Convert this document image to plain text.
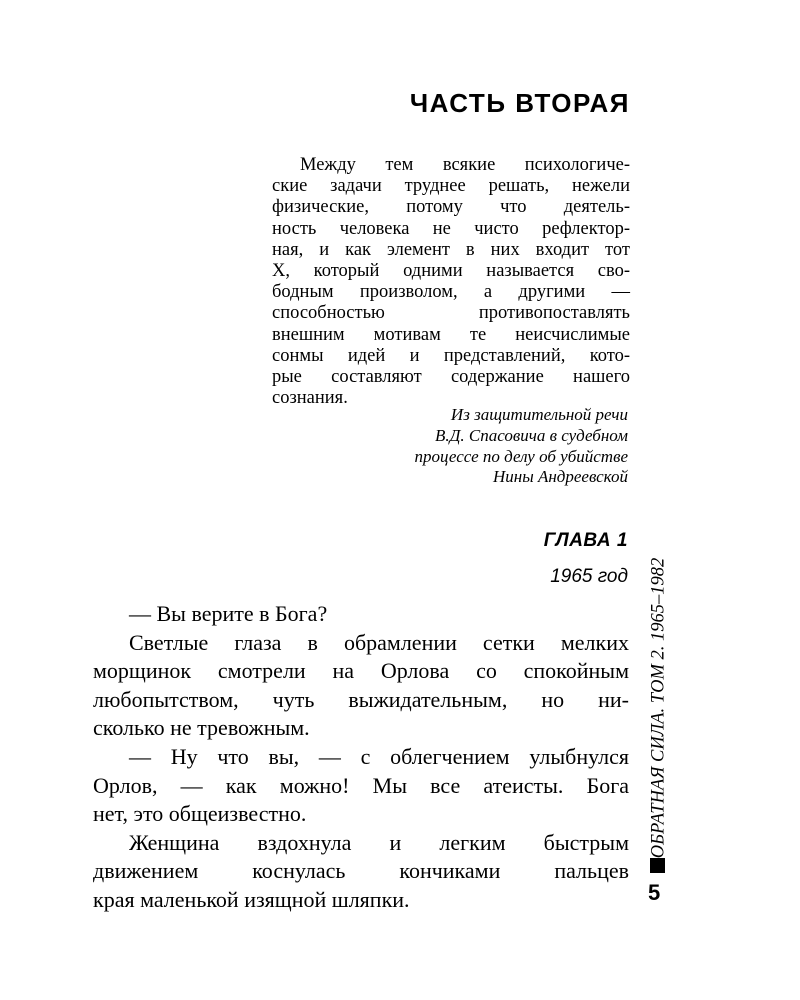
ЧАСТЬ ВТОРАЯ
Между тем всякие психологиче-
ские задачи труднее решать, нежели
физические, потому что деятель-
ность человека не чисто рефлектор-
ная, и как элемент в них входит тот
X, который одними называется сво-
бодным произволом, а другими —
способностью противопоставлять
внешним мотивам те неисчислимые
сонмы идей и представлений, кото-
рые составляют содержание нашего
сознания.
Из защитительной речи
В.Д. Спасовича в судебном
процессе по делу об убийстве
Нины Андреевской
ГЛАВА 1
1965 год
— Вы верите в Бога?
Светлые глаза в обрамлении сетки мелких
морщинок смотрели на Орлова со спокойным
любопытством, чуть выжидательным, но ни-
сколько не тревожным.
— Ну что вы, — с облегчением улыбнулся
Орлов, — как можно! Мы все атеисты. Бога
нет, это общеизвестно.
Женщина вздохнула и легким быстрым
движением коснулась кончиками пальцев
края маленькой изящной шляпки.
ОБРАТНАЯ СИЛА. ТОМ 2. 1965–1982
5
